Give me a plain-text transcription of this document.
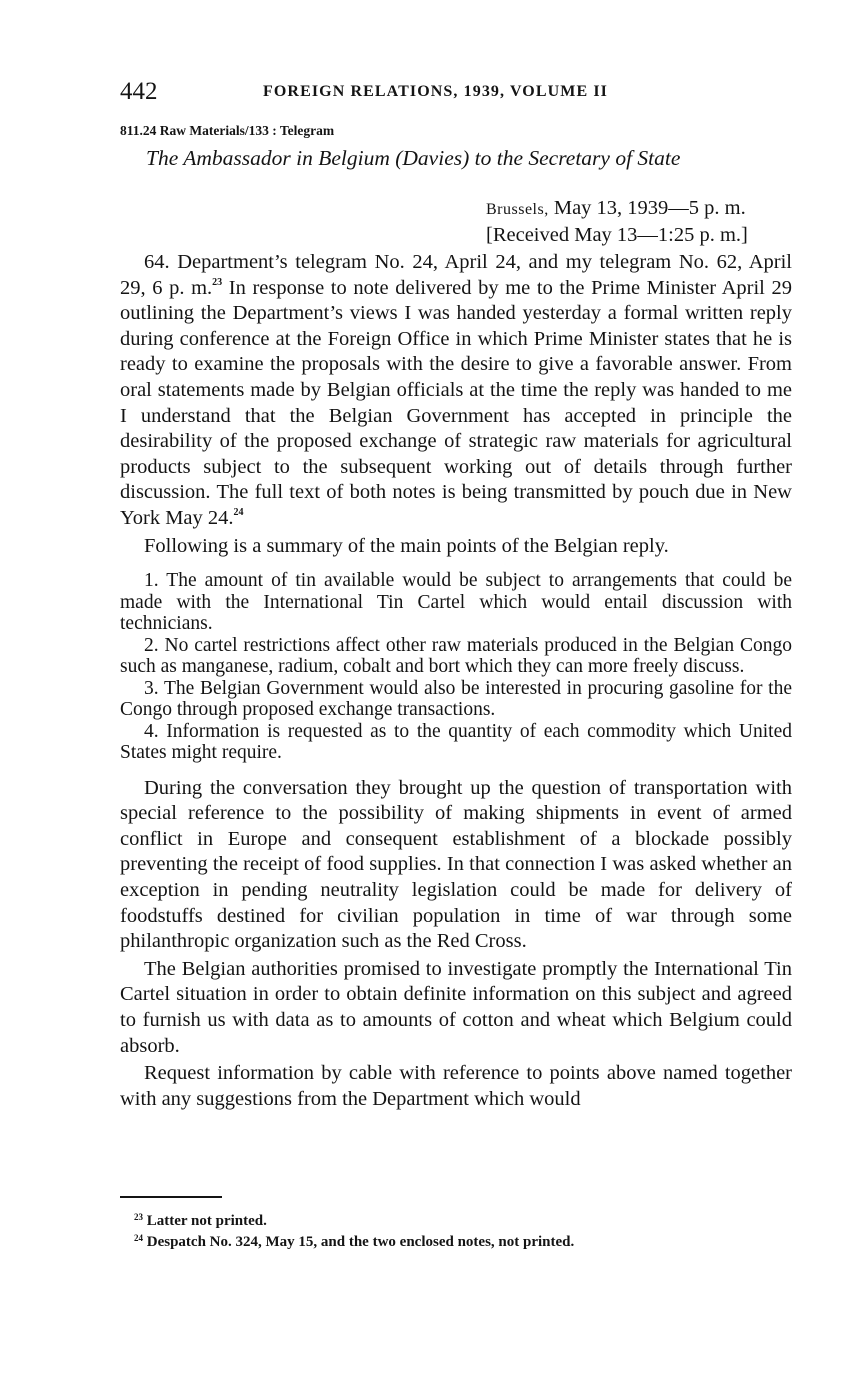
442	FOREIGN RELATIONS, 1939, VOLUME II
811.24 Raw Materials/133 : Telegram
The Ambassador in Belgium (Davies) to the Secretary of State
Brussels, May 13, 1939—5 p. m.
[Received May 13—1:25 p. m.]

64. Department’s telegram No. 24, April 24, and my telegram No. 62, April 29, 6 p. m.$^{23}$ In response to note delivered by me to the Prime Minister April 29 outlining the Department’s views I was handed yesterday a formal written reply during conference at the Foreign Office in which Prime Minister states that he is ready to examine the proposals with the desire to give a favorable answer. From oral statements made by Belgian officials at the time the reply was handed to me I understand that the Belgian Government has accepted in principle the desirability of the proposed exchange of strategic raw materials for agricultural products subject to the subsequent working out of details through further discussion. The full text of both notes is being transmitted by pouch due in New York May 24.24

Following is a summary of the main points of the Belgian reply.

1. The amount of tin available would be subject to arrangements that could be made with the International Tin Cartel which would entail discussion with technicians.
2. No cartel restrictions affect other raw materials produced in the Belgian Congo such as manganese, radium, cobalt and bort which they can more freely discuss.
3. The Belgian Government would also be interested in procuring gasoline for the Congo through proposed exchange transactions.
4. Information is requested as to the quantity of each commodity which United States might require.

During the conversation they brought up the question of transportation with special reference to the possibility of making shipments in event of armed conflict in Europe and consequent establishment of a blockade possibly preventing the receipt of food supplies. In that connection I was asked whether an exception in pending neutrality legislation could be made for delivery of foodstuffs destined for civilian population in time of war through some philanthropic organization such as the Red Cross.

The Belgian authorities promised to investigate promptly the International Tin Cartel situation in order to obtain definite information on this subject and agreed to furnish us with data as to amounts of cotton and wheat which Belgium could absorb.

Request information by cable with reference to points above named together with any suggestions from the Department which would

$^{23}$ Latter not printed.
$^{24}$ Despatch No. 324, May 15, and the two enclosed notes, not printed.
